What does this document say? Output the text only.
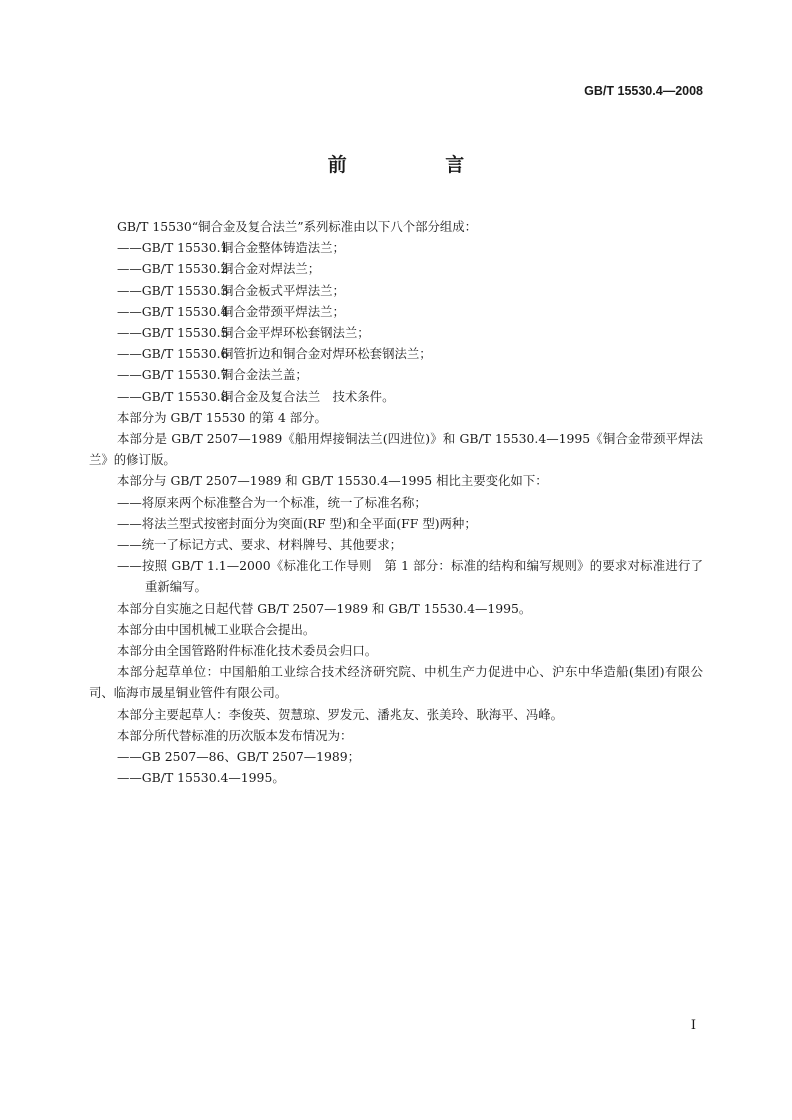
GB/T 15530.4—2008
前 言

GB/T 15530“铜合金及复合法兰”系列标准由以下八个部分组成：

——GB/T 15530.1铜合金整体铸造法兰；

——GB/T 15530.2铜合金对焊法兰；

——GB/T 15530.3铜合金板式平焊法兰；

——GB/T 15530.4铜合金带颈平焊法兰；

——GB/T 15530.5铜合金平焊环松套钢法兰；

——GB/T 15530.6铜管折边和铜合金对焊环松套钢法兰；

——GB/T 15530.7铜合金法兰盖；

——GB/T 15530.8铜合金及复合法兰　技术条件。

本部分为 GB/T 15530 的第 4 部分。

本部分是 GB/T 2507—1989《船用焊接铜法兰(四进位)》和 GB/T 15530.4—1995《铜合金带颈平焊法兰》的修订版。

本部分与 GB/T 2507—1989 和 GB/T 15530.4—1995 相比主要变化如下：

——将原来两个标准整合为一个标准，统一了标准名称；

——将法兰型式按密封面分为突面(RF 型)和全平面(FF 型)两种；

——统一了标记方式、要求、材料牌号、其他要求；

——按照 GB/T 1.1—2000《标准化工作导则　第 1 部分：标准的结构和编写规则》的要求对标准进行了重新编写。

本部分自实施之日起代替 GB/T 2507—1989 和 GB/T 15530.4—1995。

本部分由中国机械工业联合会提出。

本部分由全国管路附件标准化技术委员会归口。

本部分起草单位：中国船舶工业综合技术经济研究院、中机生产力促进中心、沪东中华造船(集团)有限公司、临海市晟星铜业管件有限公司。

本部分主要起草人：李俊英、贺慧琼、罗发元、潘兆友、张美玲、耿海平、冯峰。

本部分所代替标准的历次版本发布情况为：

——GB 2507—86、GB/T 2507—1989；

——GB/T 15530.4—1995。

I
